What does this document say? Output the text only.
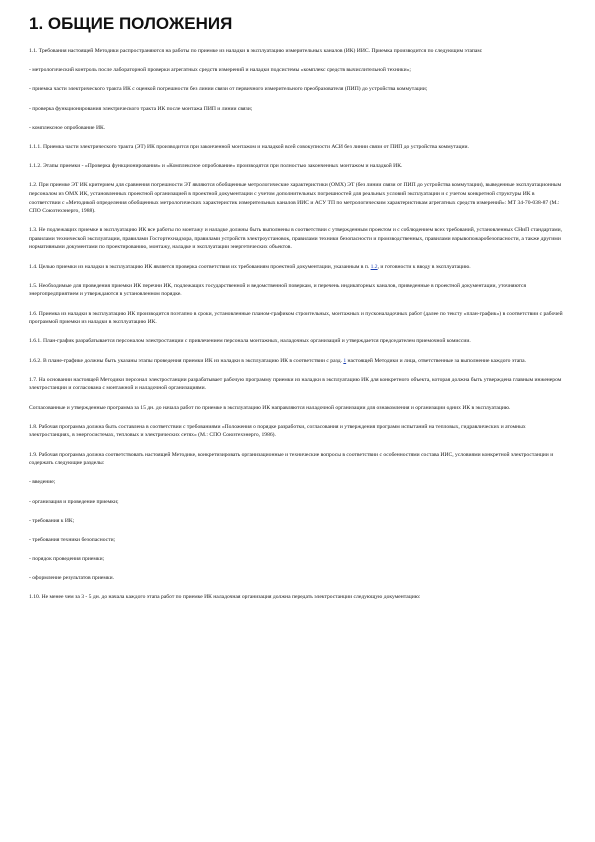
1. ОБЩИЕ ПОЛОЖЕНИЯ

1.1. Требования настоящей Методики распространяются на работы по приемке из наладки в эксплуатацию измерительных каналов (ИК) ИИС. Приемка производится по следующим этапам:

- метрологический контроль после лабораторной проверки агрегатных средств измерений и наладки подсистемы «комплекс средств вычислительной техники»;

- приемка части электрического тракта ИК с оценкой погрешности без линии связи от первичного измерительного преобразователя (ПИП) до устройства коммутации;

- проверка функционирования электрического тракта ИК после монтажа ПИП и линии связи;

- комплексное опробование ИК.

1.1.1. Приемка части электрического тракта (ЭТ) ИК производится при законченной монтажом и наладкой всей совокупности АСИ без линии связи от ПИП до устройства коммутации.

1.1.2. Этапы приемки - «Проверка функционирования» и «Комплексное опробование» производятся при полностью законченных монтажом и наладкой ИК.

1.2. При приемке ЭТ ИК критерием для сравнения погрешности ЭТ являются обобщенные метрологические характеристики (ОМХ) ЭТ (без линии связи от ПИП до устройства коммутации), выведенные эксплуатационным персоналом из ОМХ ИК, установленных проектной организацией в проектной документации с учетом дополнительных погрешностей для реальных условий эксплуатации и с учетом конкретной структуры ИК в соответствии с «Методикой определения обобщенных метрологических характеристик измерительных каналов ИИС и АСУ ТП по метрологическим характеристикам агрегатных средств измерений»: МТ 34-70-038-87 (М.: СПО Союзтехэнерго, 1988).

1.3. Не подлежащих приемке в эксплуатацию ИК все работы по монтажу и наладке должны быть выполнены в соответствии с утвержденным проектом и с соблюдением всех требований, установленных СНиП стандартами, правилами технической эксплуатации, правилами Госгортехнадзора, правилами устройств электроустановок, правилами техники безопасности и производственных, правилами взрывопожаробезопасности, а также другими нормативными документами по проектированию, монтажу, наладке и эксплуатации энергетических объектов.

1.4. Целью приемки из наладки в эксплуатацию ИК является проверка соответствия их требованиям проектной документации, указанным в п. 1.2, и готовности к вводу в эксплуатацию.

1.5. Необходимые для проведения приемки ИК перечни ИК, подлежащих государственной и ведомственной поверкам, и перечень индикаторных каналов, приведенные в проектной документации, уточняются энергопредприятием и утверждаются в установленном порядке.

1.6. Приемка из наладки в эксплуатацию ИК производится поэтапно в сроки, установленные планом-графиком строительных, монтажных и пусконаладочных работ (далее по тексту «план-график») в соответствии с рабочей программой приемки из наладки в эксплуатацию ИК.

1.6.1. План-график разрабатывается персоналом электростанции с привлечением персонала монтажных, наладочных организаций и утверждается председателем приемочной комиссии.

1.6.2. В плане-графике должны быть указаны этапы проведения приемки ИК из наладки в эксплуатацию ИК в соответствии с разд. 1 настоящей Методики и лица, ответственные за выполнение каждого этапа.

1.7. На основании настоящей Методики персонал электростанции разрабатывает рабочую программу приемки из наладки в эксплуатацию ИК для конкретного объекта, которая должна быть утверждена главным инженером электростанции и согласована с монтажной и наладочной организациями.

Согласованные и утвержденные программа за 15 дн. до начала работ по приемке в эксплуатацию ИК направляются наладочной организации для ознакомления и организации одних ИК в эксплуатацию.

1.8. Рабочая программа должна быть составлена в соответствии с требованиями «Положения о порядке разработки, согласования и утверждения программ испытаний на тепловых, гидравлических и атомных электростанциях, в энергосистемах, тепловых и электрических сетях» (М.: СПО Союзтехэнерго, 1986).

1.9. Рабочая программа должна соответствовать настоящей Методике, конкретизировать организационные и технические вопросы в соответствии с особенностями состава ИИС, условиями конкретной электростанции и содержать следующие разделы:

- введение;

- организация и проведение приемки;

- требования к ИК;

- требования техники безопасности;

- порядок проведения приемки;

- оформление результатов приемки.

1.10. Не менее чем за 3 - 5 дн. до начала каждого этапа работ по приемке ИК наладочная организация должна передать электростанции следующую документацию:
